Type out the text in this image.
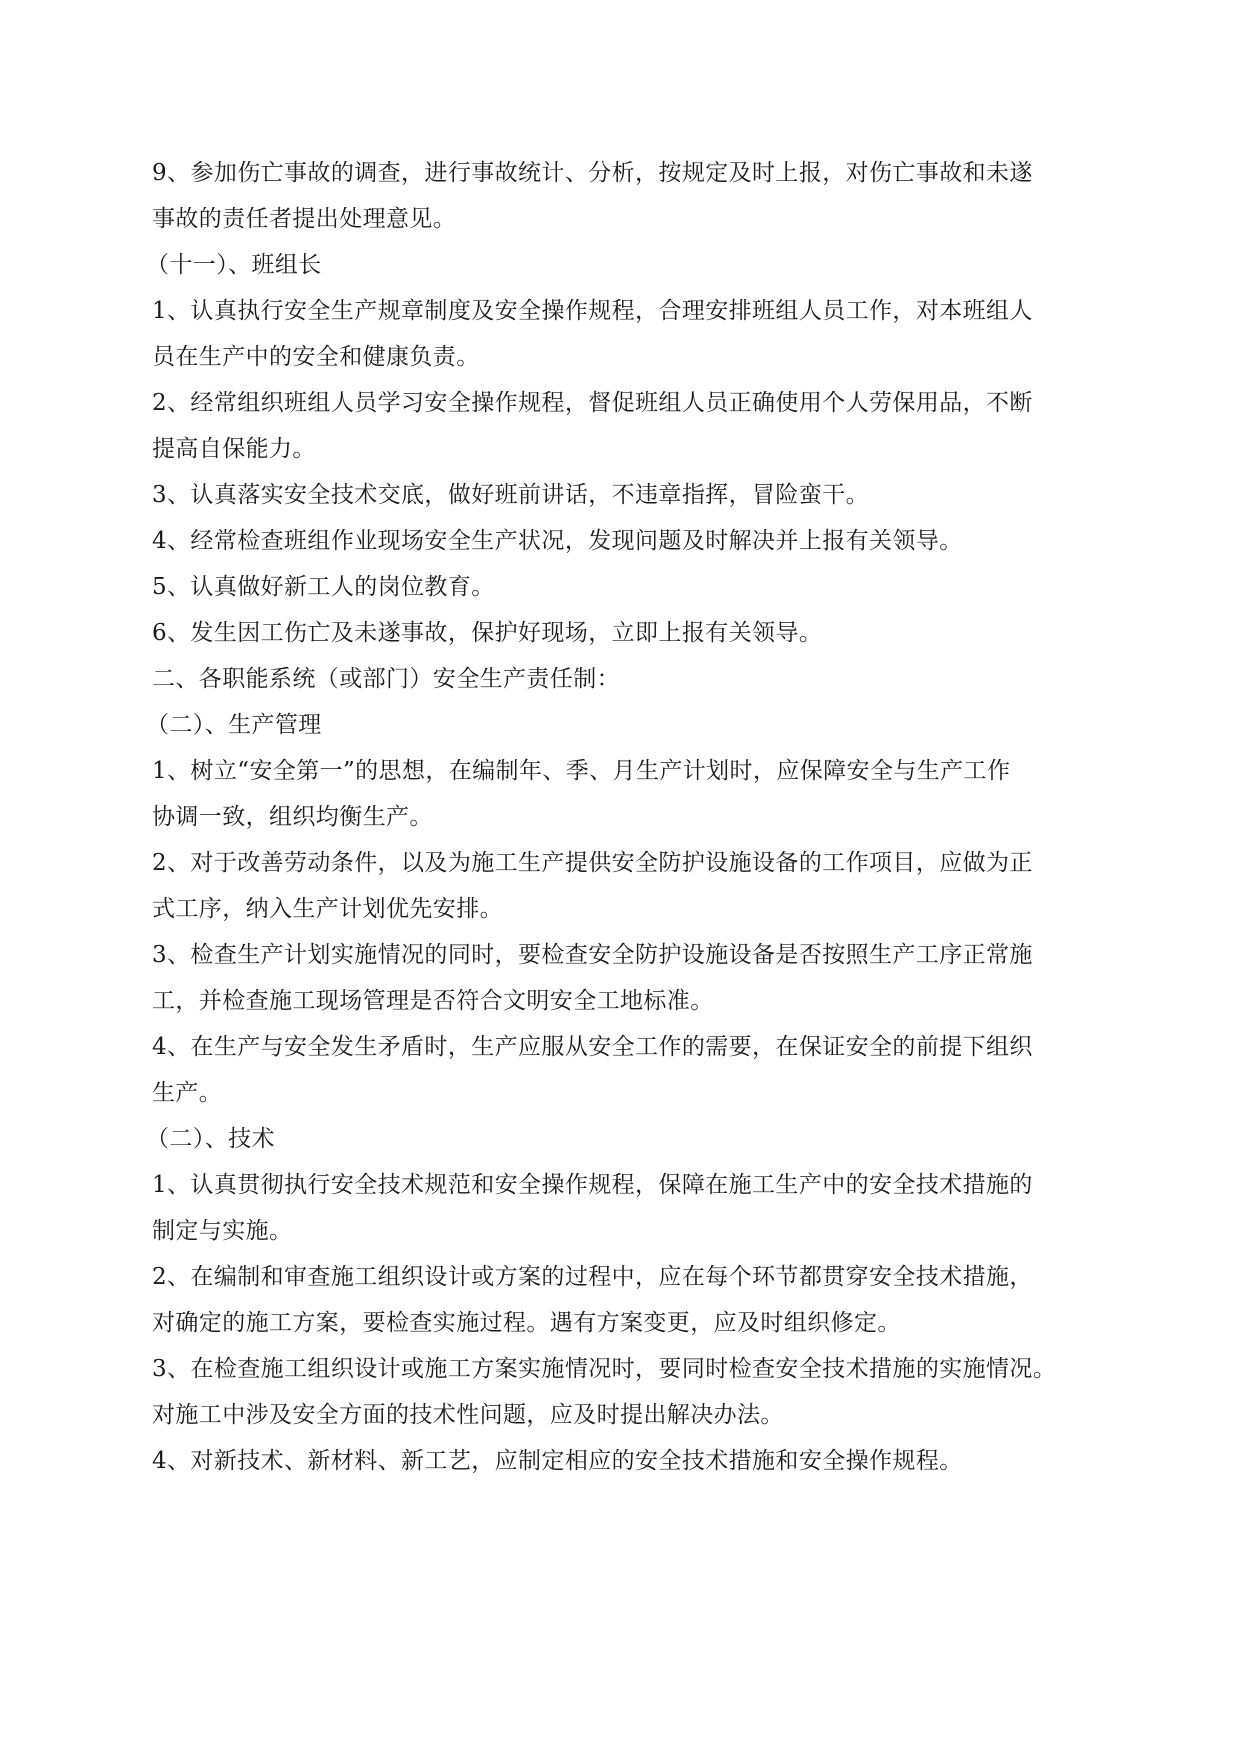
9、参加伤亡事故的调查，进行事故统计、分析，按规定及时上报，对伤亡事故和未遂
事故的责任者提出处理意见。
（十一）、班组长
1、认真执行安全生产规章制度及安全操作规程，合理安排班组人员工作，对本班组人
员在生产中的安全和健康负责。
2、经常组织班组人员学习安全操作规程，督促班组人员正确使用个人劳保用品，不断
提高自保能力。
3、认真落实安全技术交底，做好班前讲话，不违章指挥，冒险蛮干。
4、经常检查班组作业现场安全生产状况，发现问题及时解决并上报有关领导。
5、认真做好新工人的岗位教育。
6、发生因工伤亡及未遂事故，保护好现场，立即上报有关领导。
二、各职能系统（或部门）安全生产责任制：
（二）、生产管理
1、树立“安全第一”的思想，在编制年、季、月生产计划时，应保障安全与生产工作
协调一致，组织均衡生产。
2、对于改善劳动条件，以及为施工生产提供安全防护设施设备的工作项目，应做为正
式工序，纳入生产计划优先安排。
3、检查生产计划实施情况的同时，要检查安全防护设施设备是否按照生产工序正常施
工，并检查施工现场管理是否符合文明安全工地标准。
4、在生产与安全发生矛盾时，生产应服从安全工作的需要，在保证安全的前提下组织
生产。
（二）、技术
1、认真贯彻执行安全技术规范和安全操作规程，保障在施工生产中的安全技术措施的
制定与实施。
2、在编制和审查施工组织设计或方案的过程中，应在每个环节都贯穿安全技术措施，
对确定的施工方案，要检查实施过程。遇有方案变更，应及时组织修定。
3、在检查施工组织设计或施工方案实施情况时，要同时检查安全技术措施的实施情况。
对施工中涉及安全方面的技术性问题，应及时提出解决办法。
4、对新技术、新材料、新工艺，应制定相应的安全技术措施和安全操作规程。
